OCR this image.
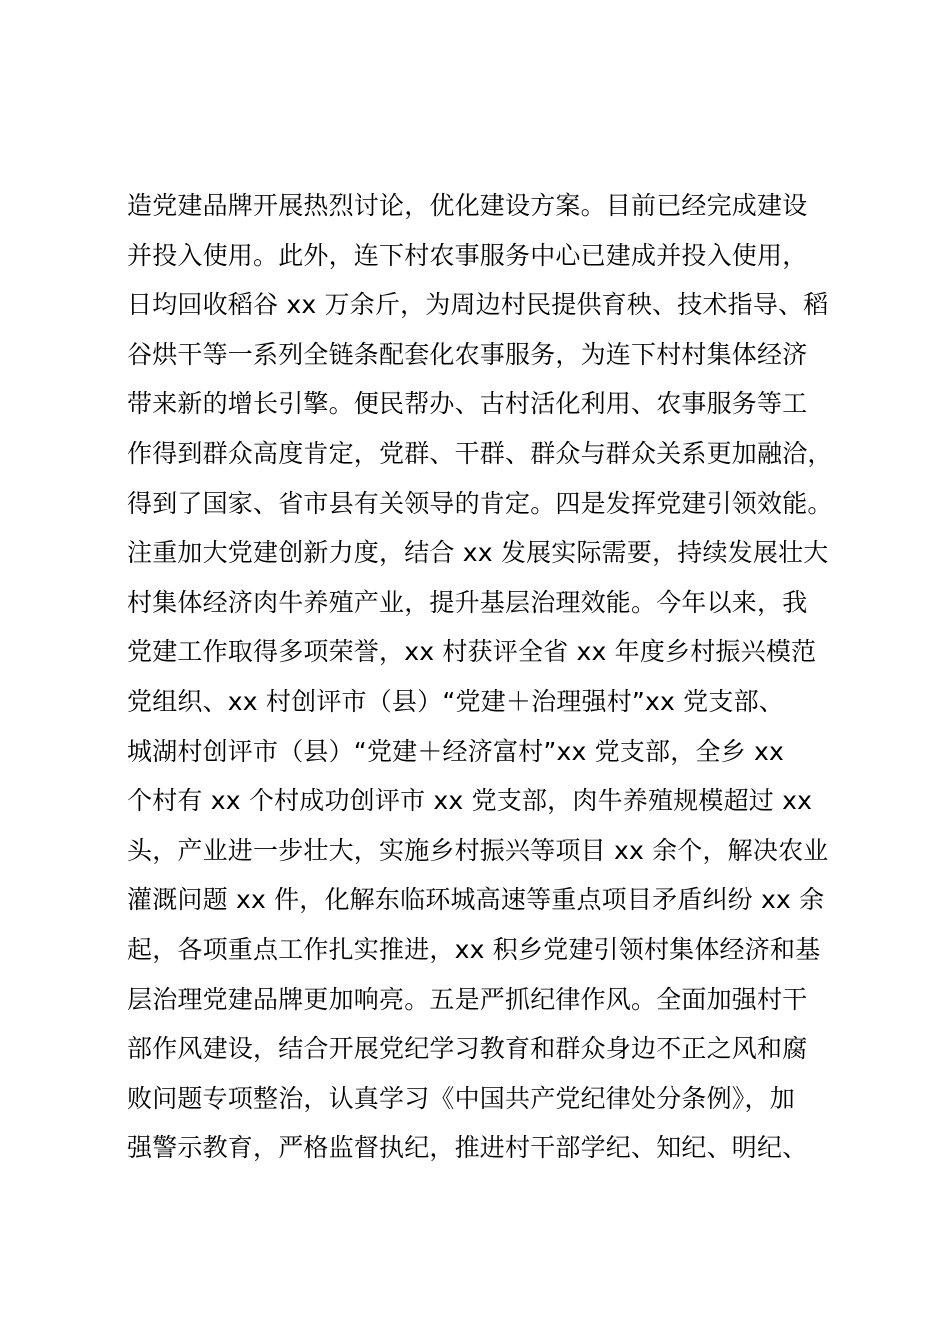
造党建品牌开展热烈讨论，优化建设方案。目前已经完成建设
并投入使用。此外，连下村农事服务中心已建成并投入使用，
日均回收稻谷 xx 万余斤，为周边村民提供育秧、技术指导、稻
谷烘干等一系列全链条配套化农事服务，为连下村村集体经济
带来新的增长引擎。便民帮办、古村活化利用、农事服务等工
作得到群众高度肯定，党群、干群、群众与群众关系更加融洽，
得到了国家、省市县有关领导的肯定。四是发挥党建引领效能。
注重加大党建创新力度，结合 xx 发展实际需要，持续发展壮大
村集体经济肉牛养殖产业，提升基层治理效能。今年以来，我
党建工作取得多项荣誉，xx 村获评全省 xx 年度乡村振兴模范
党组织、xx 村创评市（县）“党建＋治理强村”xx 党支部、
城湖村创评市（县）“党建＋经济富村”xx 党支部，全乡 xx
个村有 xx 个村成功创评市 xx 党支部，肉牛养殖规模超过 xx
头，产业进一步壮大，实施乡村振兴等项目 xx 余个，解决农业
灌溉问题 xx 件，化解东临环城高速等重点项目矛盾纠纷 xx 余
起，各项重点工作扎实推进，xx 积乡党建引领村集体经济和基
层治理党建品牌更加响亮。五是严抓纪律作风。全面加强村干
部作风建设，结合开展党纪学习教育和群众身边不正之风和腐
败问题专项整治，认真学习《中国共产党纪律处分条例》，加
强警示教育，严格监督执纪，推进村干部学纪、知纪、明纪、
